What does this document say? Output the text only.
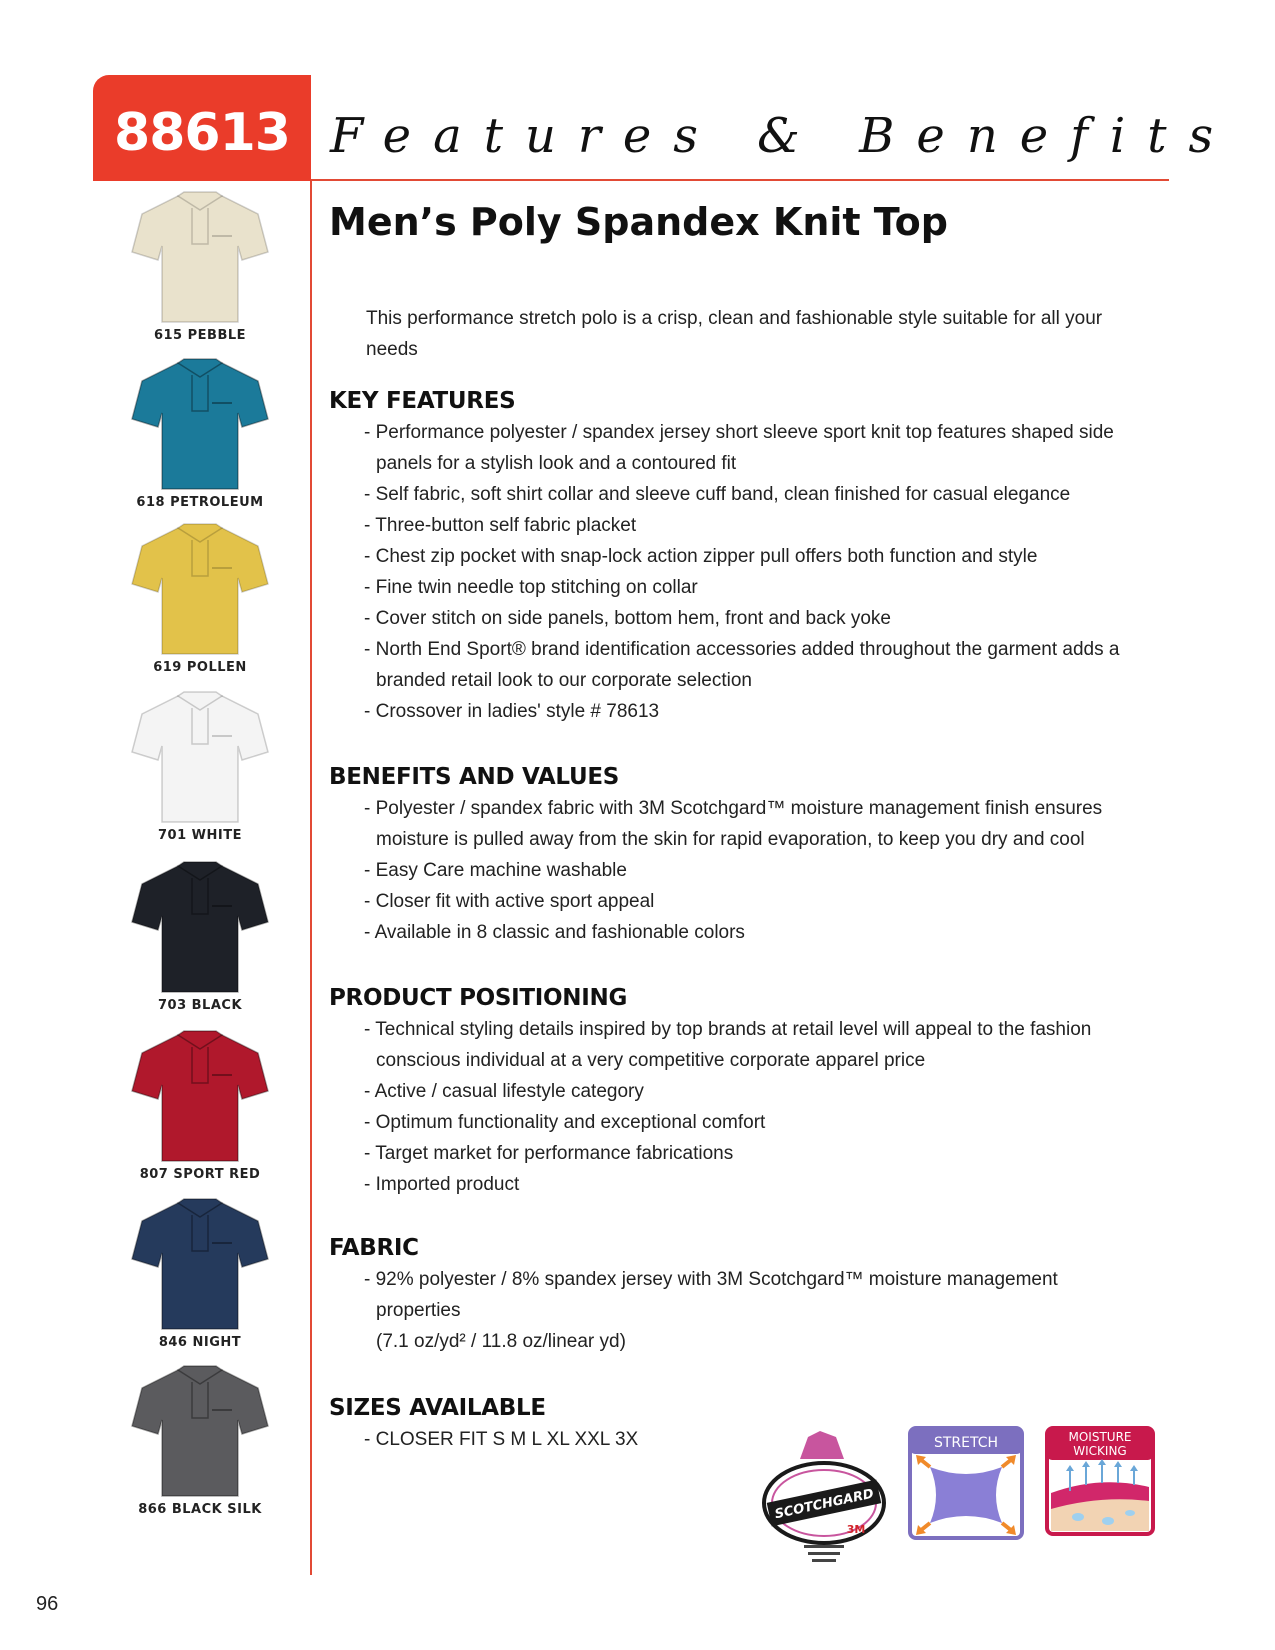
88613 Features & Benefits
615 PEBBLE
618 PETROLEUM
619 POLLEN
701 WHITE
703 BLACK
807 SPORT RED
846 NIGHT
866 BLACK SILK
Men’s Poly Spandex Knit Top
This performance stretch polo is a crisp, clean and fashionable style suitable for all your needs
KEY FEATURES
- Performance polyester / spandex jersey short sleeve sport knit top features shaped side panels for a stylish look and a contoured fit
- Self fabric, soft shirt collar and sleeve cuff band, clean finished for casual elegance
- Three-button self fabric placket
- Chest zip pocket with snap-lock action zipper pull offers both function and style
- Fine twin needle top stitching on collar
- Cover stitch on side panels, bottom hem, front and back yoke
- North End Sport® brand identification accessories added throughout the garment adds a branded retail look to our corporate selection
- Crossover in ladies' style # 78613
BENEFITS AND VALUES
- Polyester / spandex fabric with 3M Scotchgard™ moisture management finish ensures moisture is pulled away from the skin for rapid evaporation, to keep you dry and cool
- Easy Care machine washable
- Closer fit with active sport appeal
- Available in 8 classic and fashionable colors
PRODUCT POSITIONING
- Technical styling details inspired by top brands at retail level will appeal to the fashion conscious individual at a very competitive corporate apparel price
- Active / casual lifestyle category
- Optimum functionality and exceptional comfort
- Target market for performance fabrications
- Imported product
FABRIC
- 92% polyester / 8% spandex jersey with 3M Scotchgard™ moisture management properties
(7.1 oz/yd² / 11.8 oz/linear yd)
SIZES AVAILABLE
- CLOSER FIT S M L XL XXL 3X
SCOTCHGARD
3M
STRETCH	MOISTURE
WICKING
96
